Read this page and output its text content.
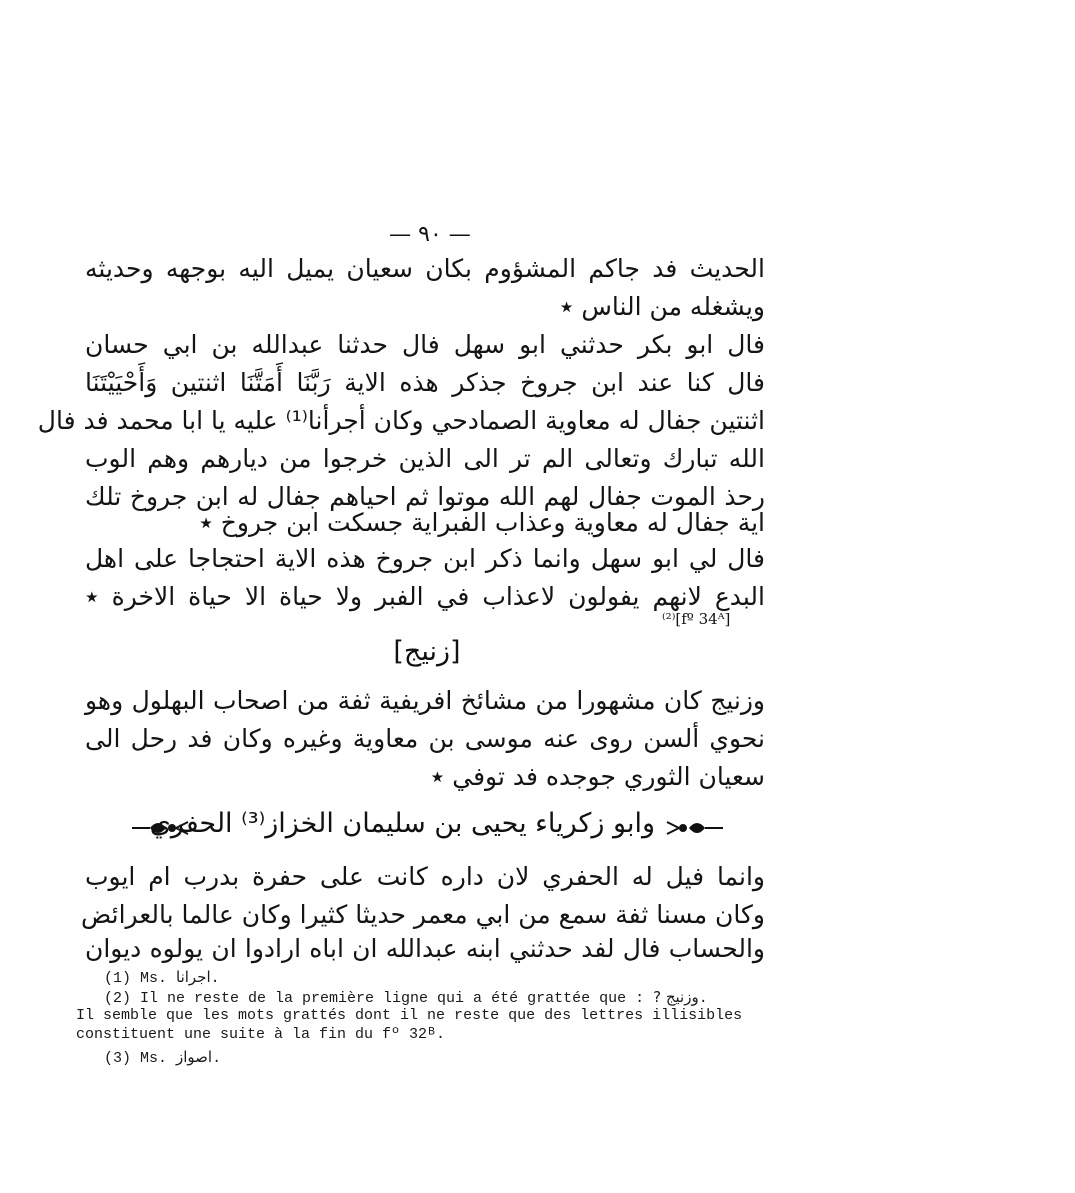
— ٩٠ —
الحديث فد جاكم المشؤوم بكان سعيان يميل اليه بوجهه وحديثه
ويشغله من الناس ٭
فال ابو بكر حدثني ابو سهل فال حدثنا عبدالله بن ابي حسان
فال كنا عند ابن جروخ جذكر هذه الاية رَبَّنَا أَمَتَّنَا اثنتين وَأَحْيَيْتَنَا
اثنتين جفال له معاوية الصمادحي وكان أجرأنا⁽¹⁾ عليه يا ابا محمد فد فال
الله تبارك وتعالى الم تر الى الذين خرجوا من ديارهم وهم الوب
رحذ الموت جفال لهم الله موتوا ثم احياهم جفال له ابن جروخ تلك
اية جفال له معاوية وعذاب الفبراية جسكت ابن جروخ ٭
فال لي ابو سهل وانما ذكر ابن جروخ هذه الاية احتجاجا على اهل
البدع لانهم يفولون لاعذاب في الفبر ولا حياة الا حياة الاخرة ٭
⁽²⁾[fº 34ᴬ]
[زنيج]
وزنيج كان مشهورا من مشائخ افريفية ثفة من اصحاب البهلول وهو
نحوي ألسن روى عنه موسى بن معاوية وغيره وكان فد رحل الى
سعيان الثوري جوجده فد توفي ٭
وابو زكرياء يحيى بن سليمان الخزاز⁽³⁾ الحفري
وانما فيل له الحفري لان داره كانت على حفرة بدرب ام ايوب
وكان مسنا ثفة سمع من ابي معمر حديثا كثيرا وكان عالما بالعرائض
والحساب فال لفد حدثني ابنه عبدالله ان اباه ارادوا ان يولوه ديوان
(1) Ms. اجرانا.
(2) Il ne reste de la première ligne qui a été grattée que : وزنيج ?.
Il semble que les mots grattés dont il ne reste que des lettres illisibles
constituent une suite à la fin du fº 32ᴮ.
(3) Ms. اصواز.
